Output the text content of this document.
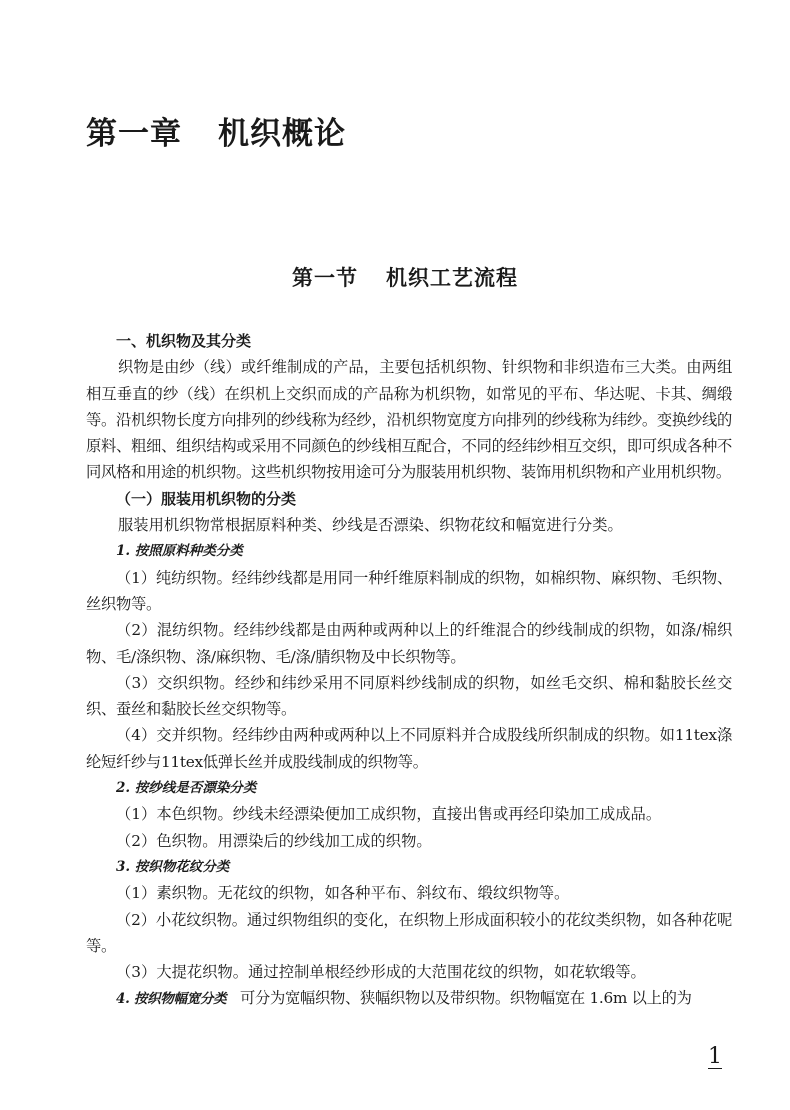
第一章 机织概论
第一节 机织工艺流程

一、机织物及其分类

织物是由纱（线）或纤维制成的产品，主要包括机织物、针织物和非织造布三大类。由两组相互垂直的纱（线）在织机上交织而成的产品称为机织物，如常见的平布、华达呢、卡其、绸缎等。沿机织物长度方向排列的纱线称为经纱，沿机织物宽度方向排列的纱线称为纬纱。变换纱线的原料、粗细、组织结构或采用不同颜色的纱线相互配合，不同的经纬纱相互交织，即可织成各种不同风格和用途的机织物。这些机织物按用途可分为服装用机织物、装饰用机织物和产业用机织物。

（一）服装用机织物的分类

服装用机织物常根据原料种类、纱线是否漂染、织物花纹和幅宽进行分类。

1. 按照原料种类分类

（1）纯纺织物。经纬纱线都是用同一种纤维原料制成的织物，如棉织物、麻织物、毛织物、丝织物等。

（2）混纺织物。经纬纱线都是由两种或两种以上的纤维混合的纱线制成的织物，如涤/棉织物、毛/涤织物、涤/麻织物、毛/涤/腈织物及中长织物等。

（3）交织织物。经纱和纬纱采用不同原料纱线制成的织物，如丝毛交织、棉和黏胶长丝交织、蚕丝和黏胶长丝交织物等。

（4）交并织物。经纬纱由两种或两种以上不同原料并合成股线所织制成的织物。如11tex涤纶短纤纱与11tex低弹长丝并成股线制成的织物等。

2. 按纱线是否漂染分类

（1）本色织物。纱线未经漂染便加工成织物，直接出售或再经印染加工成成品。

（2）色织物。用漂染后的纱线加工成的织物。

3. 按织物花纹分类

（1）素织物。无花纹的织物，如各种平布、斜纹布、缎纹织物等。

（2）小花纹织物。通过织物组织的变化，在织物上形成面积较小的花纹类织物，如各种花呢等。

（3）大提花织物。通过控制单根经纱形成的大范围花纹的织物，如花软缎等。

4. 按织物幅宽分类 可分为宽幅织物、狭幅织物以及带织物。织物幅宽在 1.6m 以上的为

1
